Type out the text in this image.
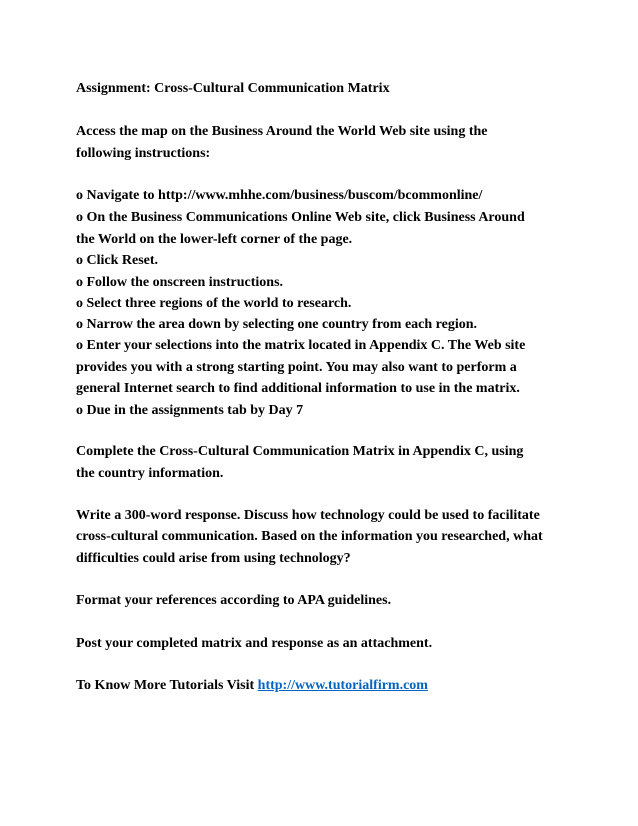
Assignment: Cross-Cultural Communication Matrix

Access the map on the Business Around the World Web site using the

following instructions:

o Navigate to http://www.mhhe.com/business/buscom/bcommonline/

o On the Business Communications Online Web site, click Business Around

the World on the lower-left corner of the page.

o Click Reset.

o Follow the onscreen instructions.

o Select three regions of the world to research.

o Narrow the area down by selecting one country from each region.

o Enter your selections into the matrix located in Appendix C. The Web site

provides you with a strong starting point. You may also want to perform a

general Internet search to find additional information to use in the matrix.

o Due in the assignments tab by Day 7

Complete the Cross-Cultural Communication Matrix in Appendix C, using

the country information.

Write a 300-word response. Discuss how technology could be used to facilitate

cross-cultural communication. Based on the information you researched, what

difficulties could arise from using technology?

Format your references according to APA guidelines.

Post your completed matrix and response as an attachment.

To Know More Tutorials Visit http://www.tutorialfirm.com
